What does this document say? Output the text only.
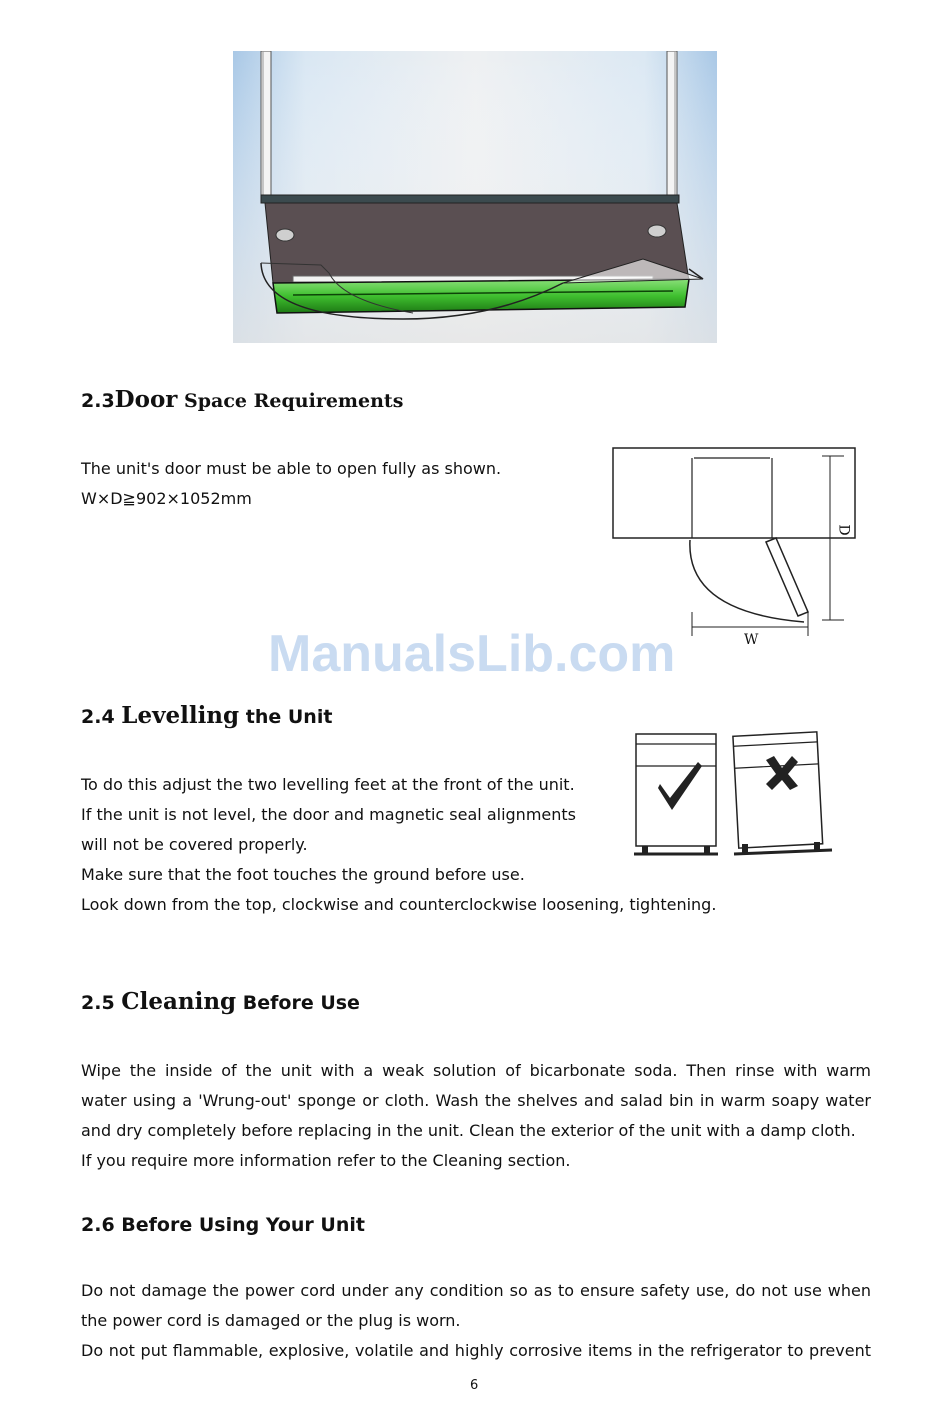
2.3Door Space Requirements
The unit's door must be able to open fully as shown.
W×D≧902×1052mm
W
D
ManualsLib.com
2.4 Levelling the Unit
To do this adjust the two levelling feet at the front of the unit.
If the unit is not level, the door and magnetic seal alignments
will not be covered properly.
Make sure that the foot touches the ground before use.
Look down from the top, clockwise and counterclockwise loosening, tightening.
2.5 Cleaning Before Use
Wipe the inside of the unit with a weak solution of bicarbonate soda. Then rinse with warm
water using a 'Wrung-out' sponge or cloth. Wash the shelves and salad bin in warm soapy water
and dry completely before replacing in the unit. Clean the exterior of the unit with a damp cloth.
If you require more information refer to the Cleaning section.
2.6 Before Using Your Unit
Do not damage the power cord under any condition so as to ensure safety use, do not use when
the power cord is damaged or the plug is worn.
Do not put flammable, explosive, volatile and highly corrosive items in the refrigerator to prevent
6
